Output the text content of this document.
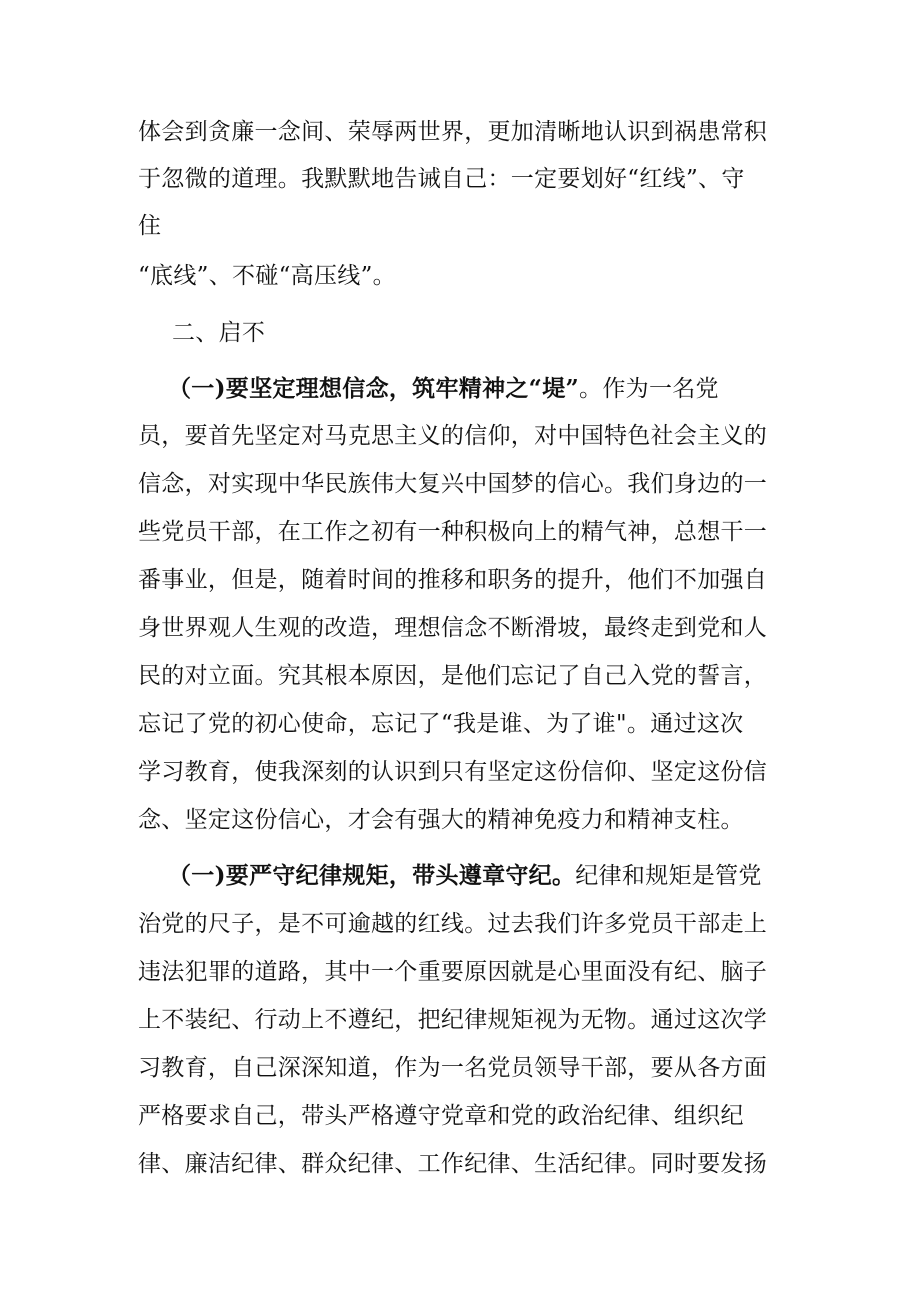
体会到贪廉一念间、荣辱两世界，更加清晰地认识到祸患常积
于忽微的道理。我默默地告诫自己：一定要划好“红线”、守
住
“底线”、不碰“高压线”。
二、启不
（一)要坚定理想信念，筑牢精神之“堤”。作为一名党
员，要首先坚定对马克思主义的信仰，对中国特色社会主义的
信念，对实现中华民族伟大复兴中国梦的信心。我们身边的一
些党员干部，在工作之初有一种积极向上的精气神，总想干一
番事业，但是，随着时间的推移和职务的提升，他们不加强自
身世界观人生观的改造，理想信念不断滑坡，最终走到党和人
民的对立面。究其根本原因，是他们忘记了自己入党的誓言，
忘记了党的初心使命，忘记了“我是谁、为了谁"。通过这次
学习教育，使我深刻的认识到只有坚定这份信仰、坚定这份信
念、坚定这份信心，才会有强大的精神免疫力和精神支柱。
（一)要严守纪律规矩，带头遵章守纪。纪律和规矩是管党
治党的尺子，是不可逾越的红线。过去我们许多党员干部走上
违法犯罪的道路，其中一个重要原因就是心里面没有纪、脑子
上不装纪、行动上不遵纪，把纪律规矩视为无物。通过这次学
习教育，自己深深知道，作为一名党员领导干部，要从各方面
严格要求自己，带头严格遵守党章和党的政治纪律、组织纪
律、廉洁纪律、群众纪律、工作纪律、生活纪律。同时要发扬
